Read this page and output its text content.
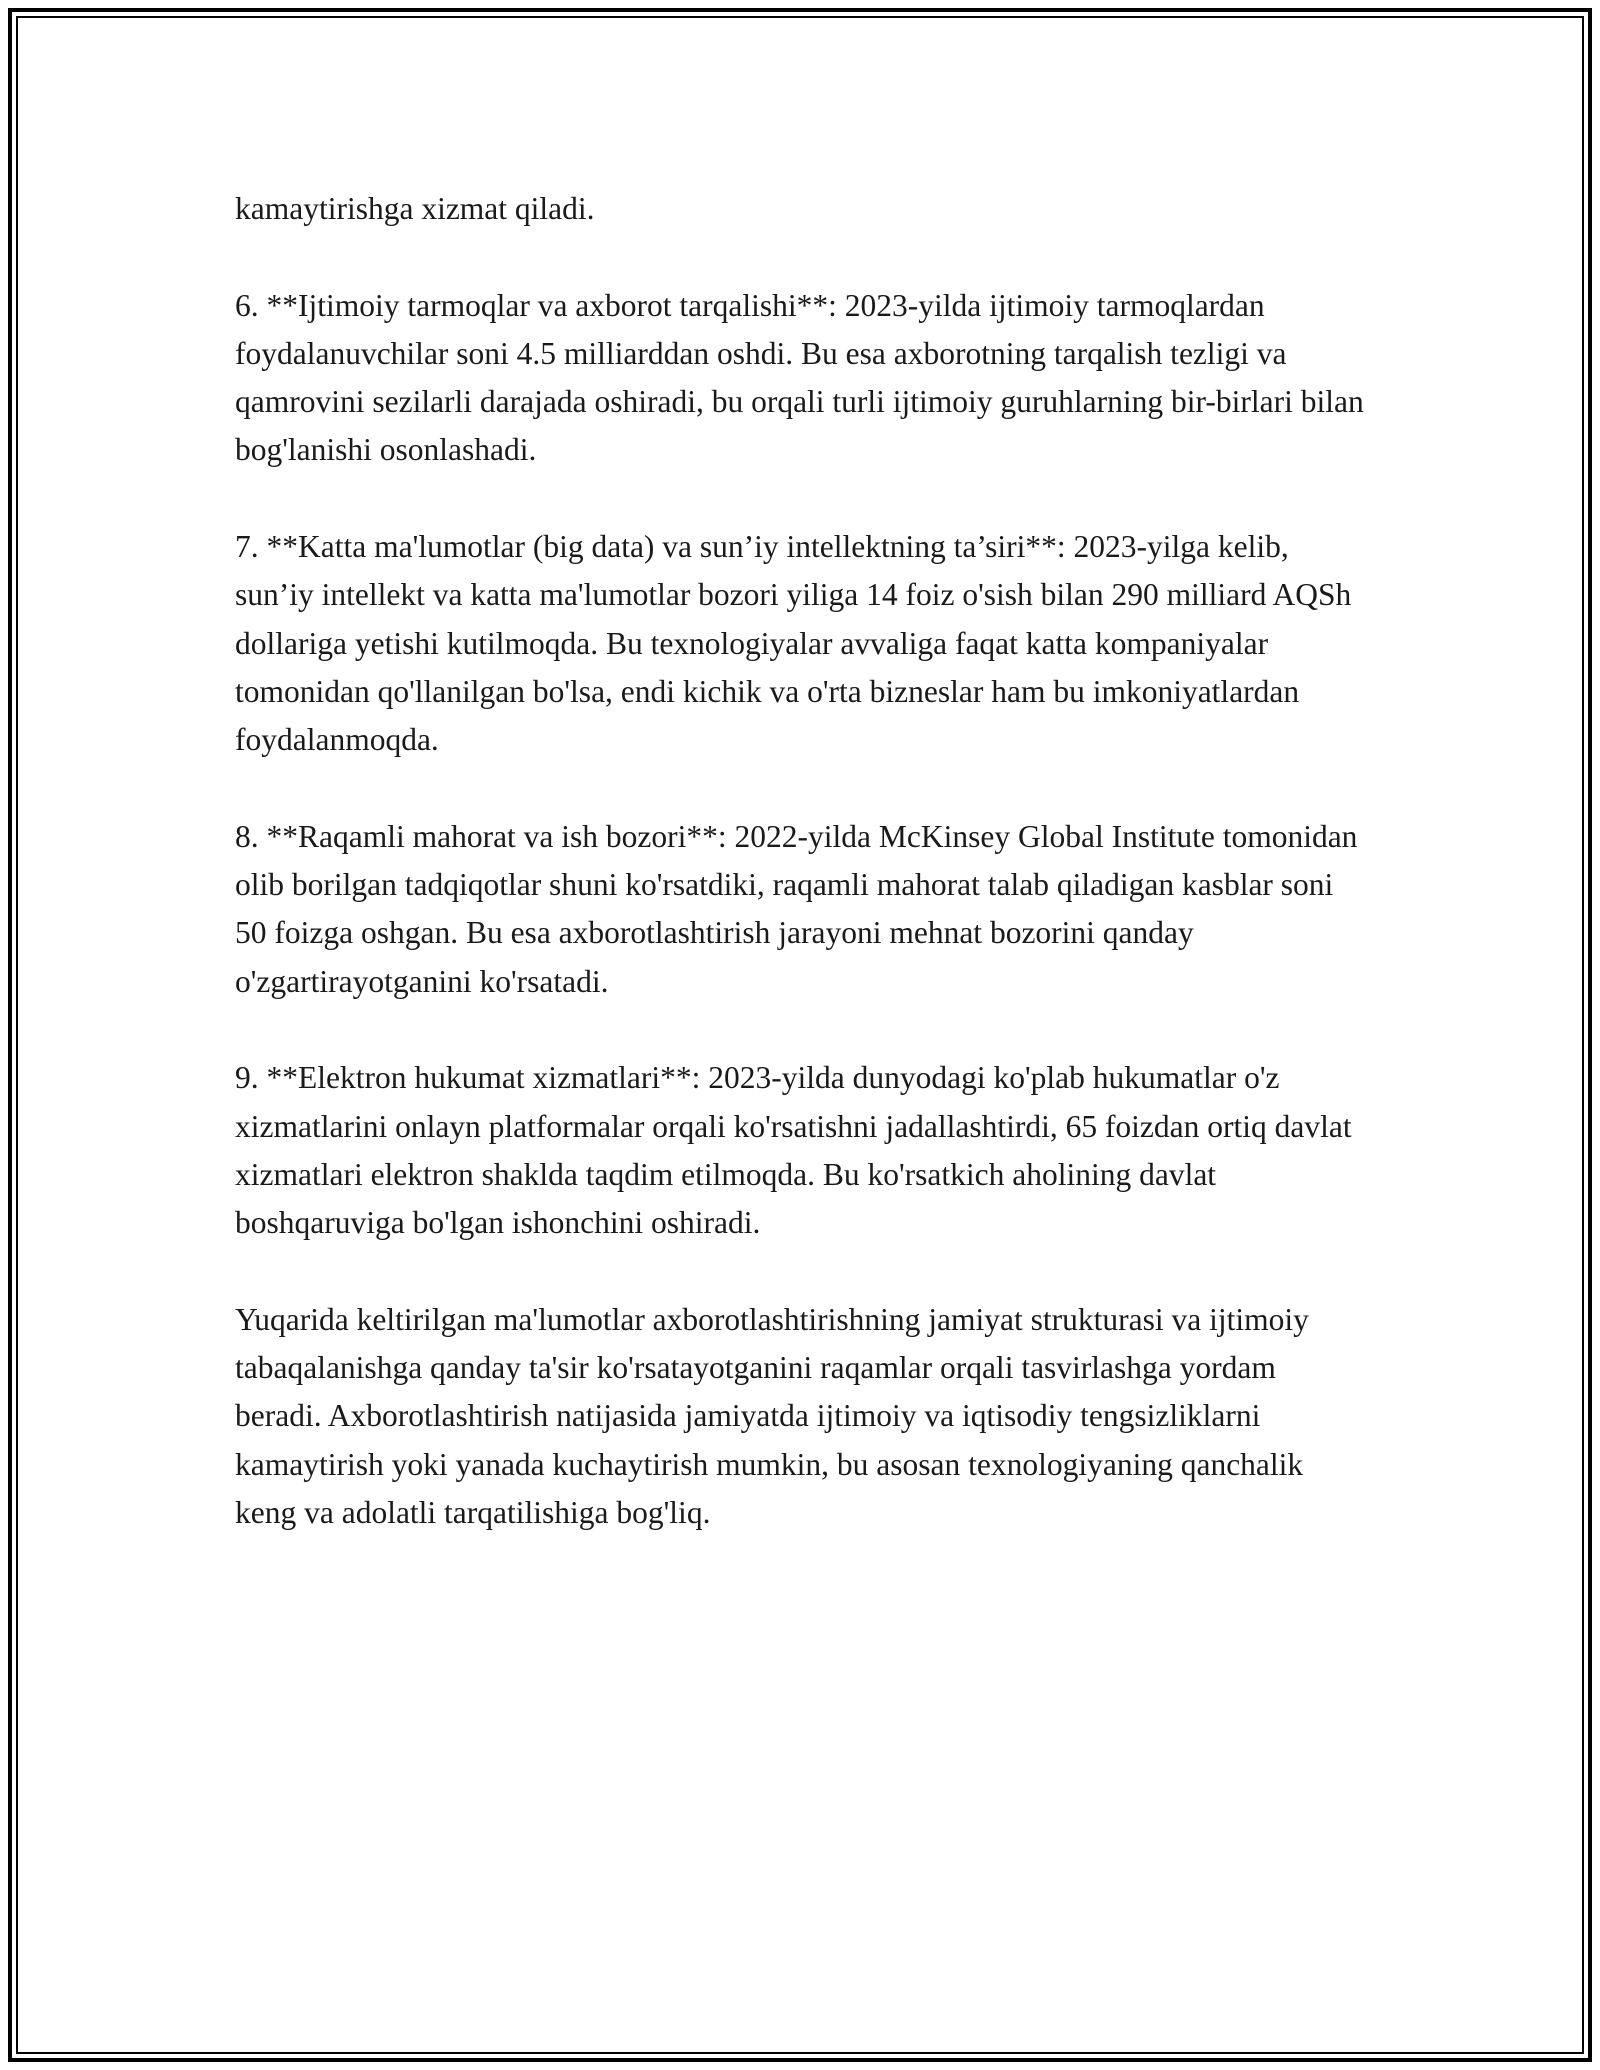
kamaytirishga xizmat qiladi.

6. **Ijtimoiy tarmoqlar va axborot tarqalishi**: 2023-yilda ijtimoiy tarmoqlardan foydalanuvchilar soni 4.5 milliarddan oshdi. Bu esa axborotning tarqalish tezligi va qamrovini sezilarli darajada oshiradi, bu orqali turli ijtimoiy guruhlarning bir-birlari bilan bog'lanishi osonlashadi.

7. **Katta ma'lumotlar (big data) va sun’iy intellektning ta’siri**: 2023-yilga kelib, sun’iy intellekt va katta ma'lumotlar bozori yiliga 14 foiz o'sish bilan 290 milliard AQSh dollariga yetishi kutilmoqda. Bu texnologiyalar avvaliga faqat katta kompaniyalar tomonidan qo'llanilgan bo'lsa, endi kichik va o'rta bizneslar ham bu imkoniyatlardan foydalanmoqda.

8. **Raqamli mahorat va ish bozori**: 2022-yilda McKinsey Global Institute tomonidan olib borilgan tadqiqotlar shuni ko'rsatdiki, raqamli mahorat talab qiladigan kasblar soni 50 foizga oshgan. Bu esa axborotlashtirish jarayoni mehnat bozorini qanday o'zgartirayotganini ko'rsatadi.

9. **Elektron hukumat xizmatlari**: 2023-yilda dunyodagi ko'plab hukumatlar o'z xizmatlarini onlayn platformalar orqali ko'rsatishni jadallashtirdi, 65 foizdan ortiq davlat xizmatlari elektron shaklda taqdim etilmoqda. Bu ko'rsatkich aholining davlat boshqaruviga bo'lgan ishonchini oshiradi.

Yuqarida keltirilgan ma'lumotlar axborotlashtirishning jamiyat strukturasi va ijtimoiy tabaqalanishga qanday ta'sir ko'rsatayotganini raqamlar orqali tasvirlashga yordam beradi. Axborotlashtirish natijasida jamiyatda ijtimoiy va iqtisodiy tengsizliklarni kamaytirish yoki yanada kuchaytirish mumkin, bu asosan texnologiyaning qanchalik keng va adolatli tarqatilishiga bog'liq.
